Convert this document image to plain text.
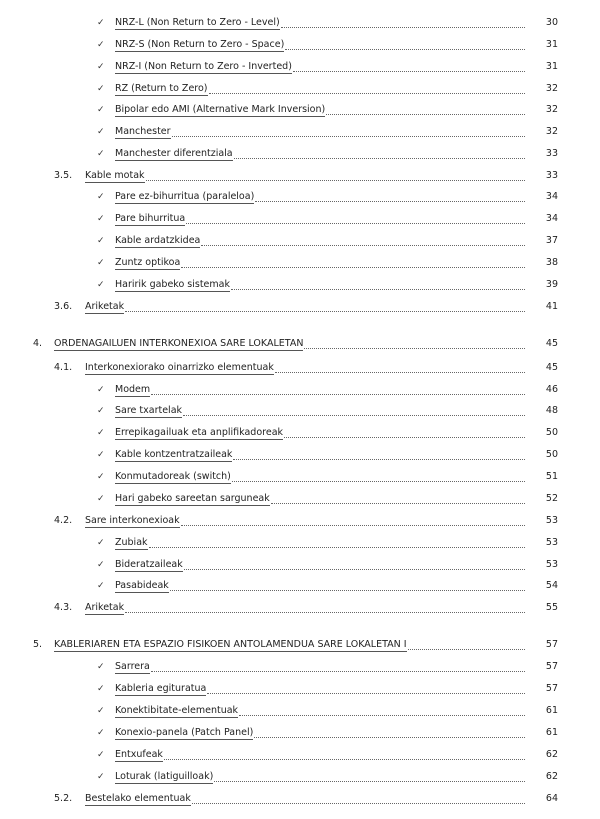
✓ NRZ-L (Non Return to Zero - Level)	30
✓ NRZ-S (Non Return to Zero - Space)	31
✓ NRZ-I (Non Return to Zero - Inverted)	31
✓ RZ (Return to Zero)	32
✓ Bipolar edo AMI (Alternative Mark Inversion)	32
✓ Manchester	32
✓ Manchester diferentziala	33
3.5. Kable motak	33
✓ Pare ez-bihurritua (paraleloa)	34
✓ Pare bihurritua	34
✓ Kable ardatzkidea	37
✓ Zuntz optikoa	38
✓ Haririk gabeko sistemak	39
3.6. Ariketak	41
4. ORDENAGAILUEN INTERKONEXIOA SARE LOKALETAN	45
4.1. Interkonexiorako oinarrizko elementuak	45
✓ Modem	46
✓ Sare txartelak	48
✓ Errepikagailuak eta anplifikadoreak	50
✓ Kable kontzentratzaileak	50
✓ Konmutadoreak (switch)	51
✓ Hari gabeko sareetan sarguneak	52
4.2. Sare interkonexioak	53
✓ Zubiak	53
✓ Bideratzaileak	53
✓ Pasabideak	54
4.3. Ariketak	55
5. KABLERIAREN ETA ESPAZIO FISIKOEN ANTOLAMENDUA SARE LOKALETAN I	57
✓ Sarrera	57
✓ Kableria egituratua	57
✓ Konektibitate-elementuak	61
✓ Konexio-panela (Patch Panel)	61
✓ Entxufeak	62
✓ Loturak (latiguilloak)	62
5.2. Bestelako elementuak	64
